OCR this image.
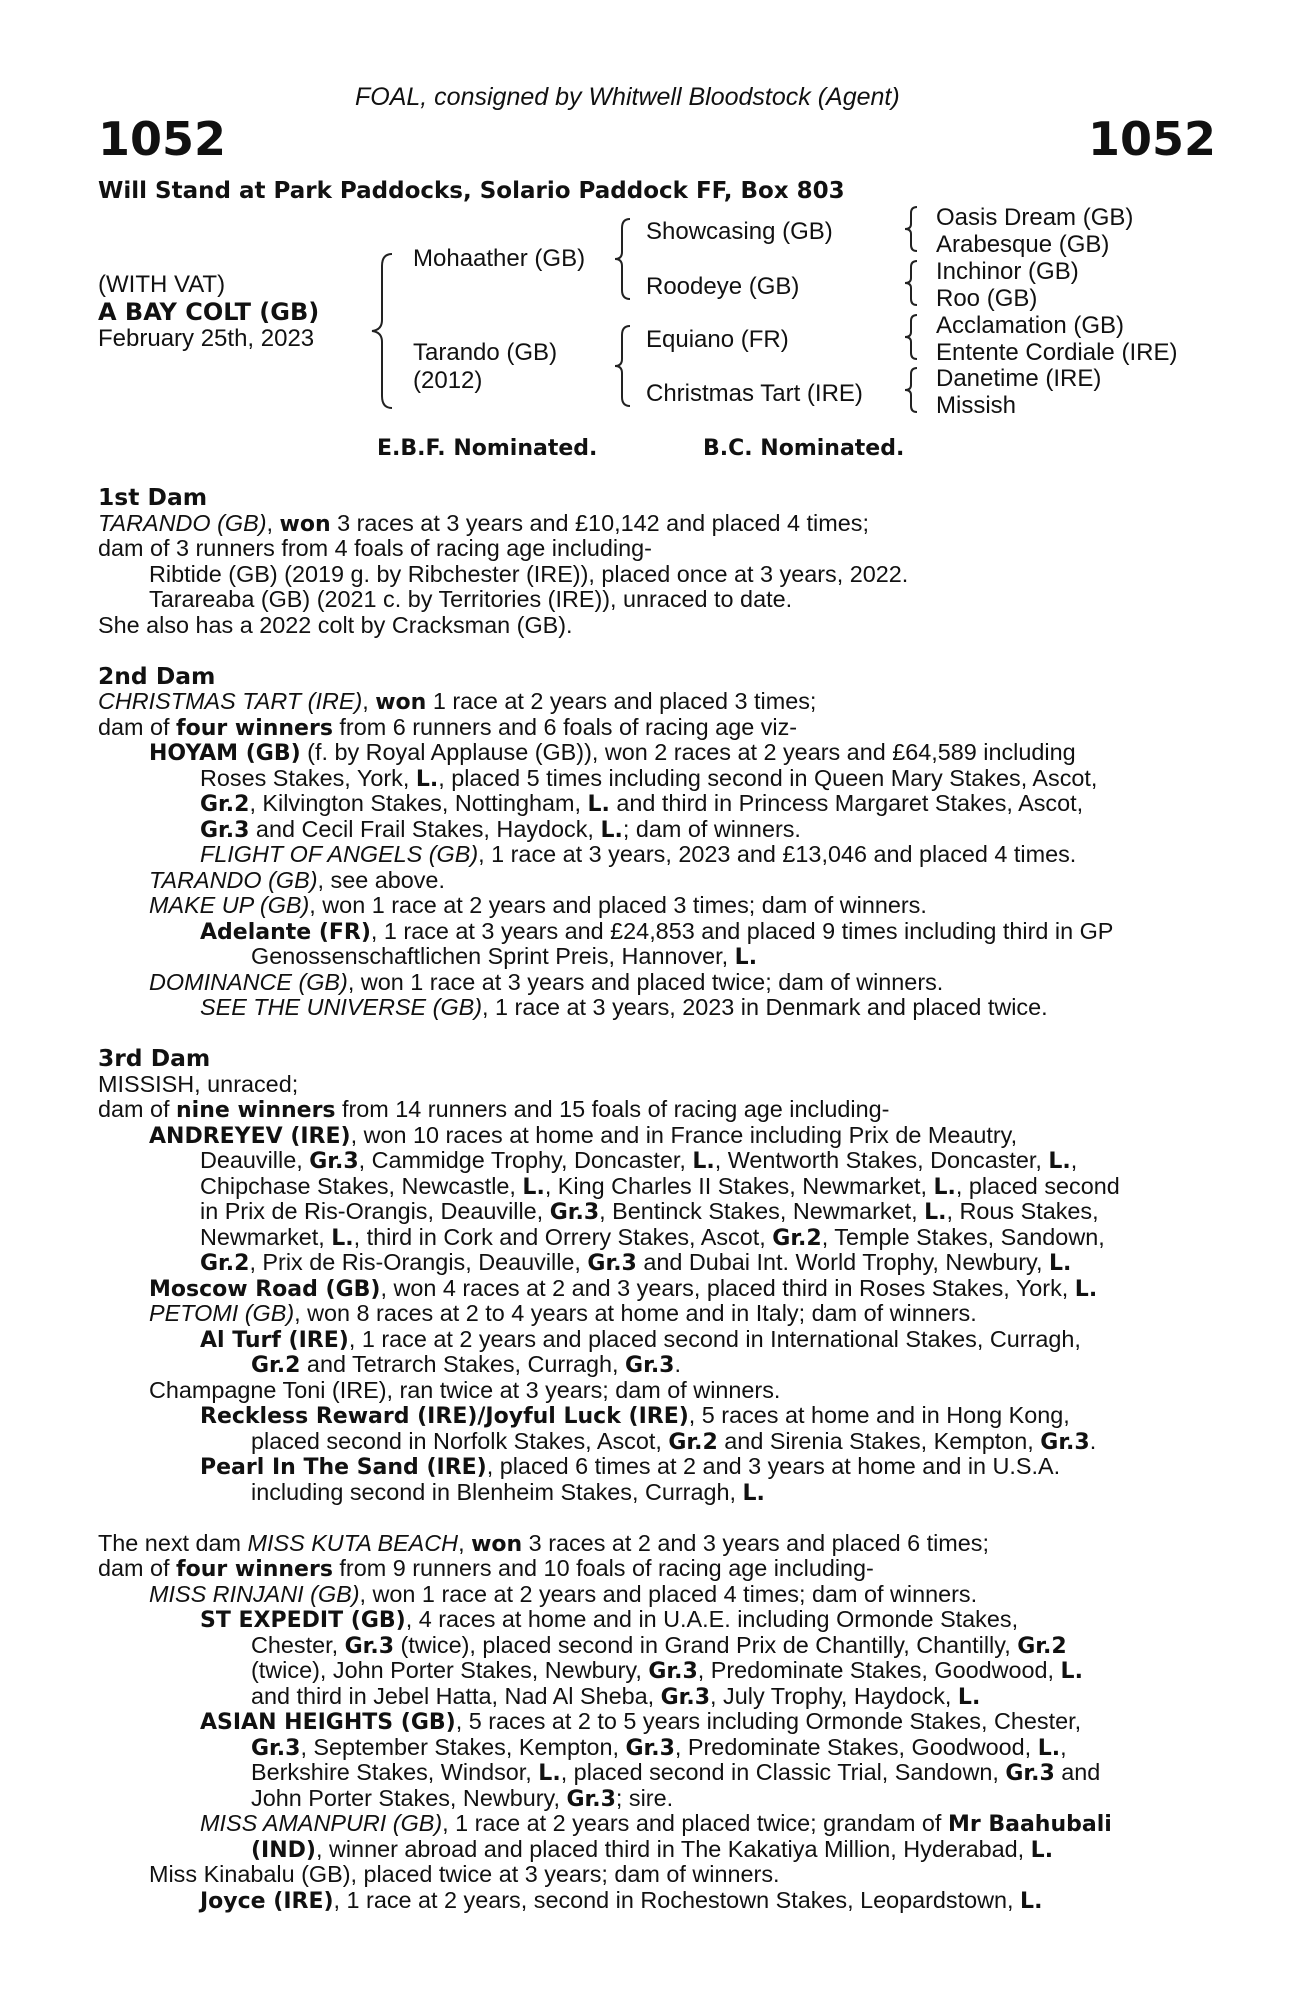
FOAL, consigned by Whitwell Bloodstock (Agent)
1052	1052
Will Stand at Park Paddocks, Solario Paddock FF, Box 803
(WITH VAT)
A BAY COLT (GB)
February 25th, 2023
Mohaather (GB)
Tarando (GB)
(2012)
Showcasing (GB)
Roodeye (GB)
Equiano (FR)
Christmas Tart (IRE)
Oasis Dream (GB)
Arabesque (GB)
Inchinor (GB)
Roo (GB)
Acclamation (GB)
Entente Cordiale (IRE)
Danetime (IRE)
Missish
E.B.F. Nominated.	B.C. Nominated.
1st Dam
TARANDO (GB), won 3 races at 3 years and £10,142 and placed 4 times;
dam of 3 runners from 4 foals of racing age including-
Ribtide (GB) (2019 g. by Ribchester (IRE)), placed once at 3 years, 2022.
Tarareaba (GB) (2021 c. by Territories (IRE)), unraced to date.
She also has a 2022 colt by Cracksman (GB).
2nd Dam
CHRISTMAS TART (IRE), won 1 race at 2 years and placed 3 times;
dam of four winners from 6 runners and 6 foals of racing age viz-
HOYAM (GB) (f. by Royal Applause (GB)), won 2 races at 2 years and £64,589 including
Roses Stakes, York, L., placed 5 times including second in Queen Mary Stakes, Ascot,
Gr.2, Kilvington Stakes, Nottingham, L. and third in Princess Margaret Stakes, Ascot,
Gr.3 and Cecil Frail Stakes, Haydock, L.; dam of winners.
FLIGHT OF ANGELS (GB), 1 race at 3 years, 2023 and £13,046 and placed 4 times.
TARANDO (GB), see above.
MAKE UP (GB), won 1 race at 2 years and placed 3 times; dam of winners.
Adelante (FR), 1 race at 3 years and £24,853 and placed 9 times including third in GP
Genossenschaftlichen Sprint Preis, Hannover, L.
DOMINANCE (GB), won 1 race at 3 years and placed twice; dam of winners.
SEE THE UNIVERSE (GB), 1 race at 3 years, 2023 in Denmark and placed twice.
3rd Dam
MISSISH, unraced;
dam of nine winners from 14 runners and 15 foals of racing age including-
ANDREYEV (IRE), won 10 races at home and in France including Prix de Meautry,
Deauville, Gr.3, Cammidge Trophy, Doncaster, L., Wentworth Stakes, Doncaster, L.,
Chipchase Stakes, Newcastle, L., King Charles II Stakes, Newmarket, L., placed second
in Prix de Ris-Orangis, Deauville, Gr.3, Bentinck Stakes, Newmarket, L., Rous Stakes,
Newmarket, L., third in Cork and Orrery Stakes, Ascot, Gr.2, Temple Stakes, Sandown,
Gr.2, Prix de Ris-Orangis, Deauville, Gr.3 and Dubai Int. World Trophy, Newbury, L.
Moscow Road (GB), won 4 races at 2 and 3 years, placed third in Roses Stakes, York, L.
PETOMI (GB), won 8 races at 2 to 4 years at home and in Italy; dam of winners.
Al Turf (IRE), 1 race at 2 years and placed second in International Stakes, Curragh,
Gr.2 and Tetrarch Stakes, Curragh, Gr.3.
Champagne Toni (IRE), ran twice at 3 years; dam of winners.
Reckless Reward (IRE)/Joyful Luck (IRE), 5 races at home and in Hong Kong,
placed second in Norfolk Stakes, Ascot, Gr.2 and Sirenia Stakes, Kempton, Gr.3.
Pearl In The Sand (IRE), placed 6 times at 2 and 3 years at home and in U.S.A.
including second in Blenheim Stakes, Curragh, L.
The next dam MISS KUTA BEACH, won 3 races at 2 and 3 years and placed 6 times;
dam of four winners from 9 runners and 10 foals of racing age including-
MISS RINJANI (GB), won 1 race at 2 years and placed 4 times; dam of winners.
ST EXPEDIT (GB), 4 races at home and in U.A.E. including Ormonde Stakes,
Chester, Gr.3 (twice), placed second in Grand Prix de Chantilly, Chantilly, Gr.2
(twice), John Porter Stakes, Newbury, Gr.3, Predominate Stakes, Goodwood, L.
and third in Jebel Hatta, Nad Al Sheba, Gr.3, July Trophy, Haydock, L.
ASIAN HEIGHTS (GB), 5 races at 2 to 5 years including Ormonde Stakes, Chester,
Gr.3, September Stakes, Kempton, Gr.3, Predominate Stakes, Goodwood, L.,
Berkshire Stakes, Windsor, L., placed second in Classic Trial, Sandown, Gr.3 and
John Porter Stakes, Newbury, Gr.3; sire.
MISS AMANPURI (GB), 1 race at 2 years and placed twice; grandam of Mr Baahubali
(IND), winner abroad and placed third in The Kakatiya Million, Hyderabad, L.
Miss Kinabalu (GB), placed twice at 3 years; dam of winners.
Joyce (IRE), 1 race at 2 years, second in Rochestown Stakes, Leopardstown, L.
